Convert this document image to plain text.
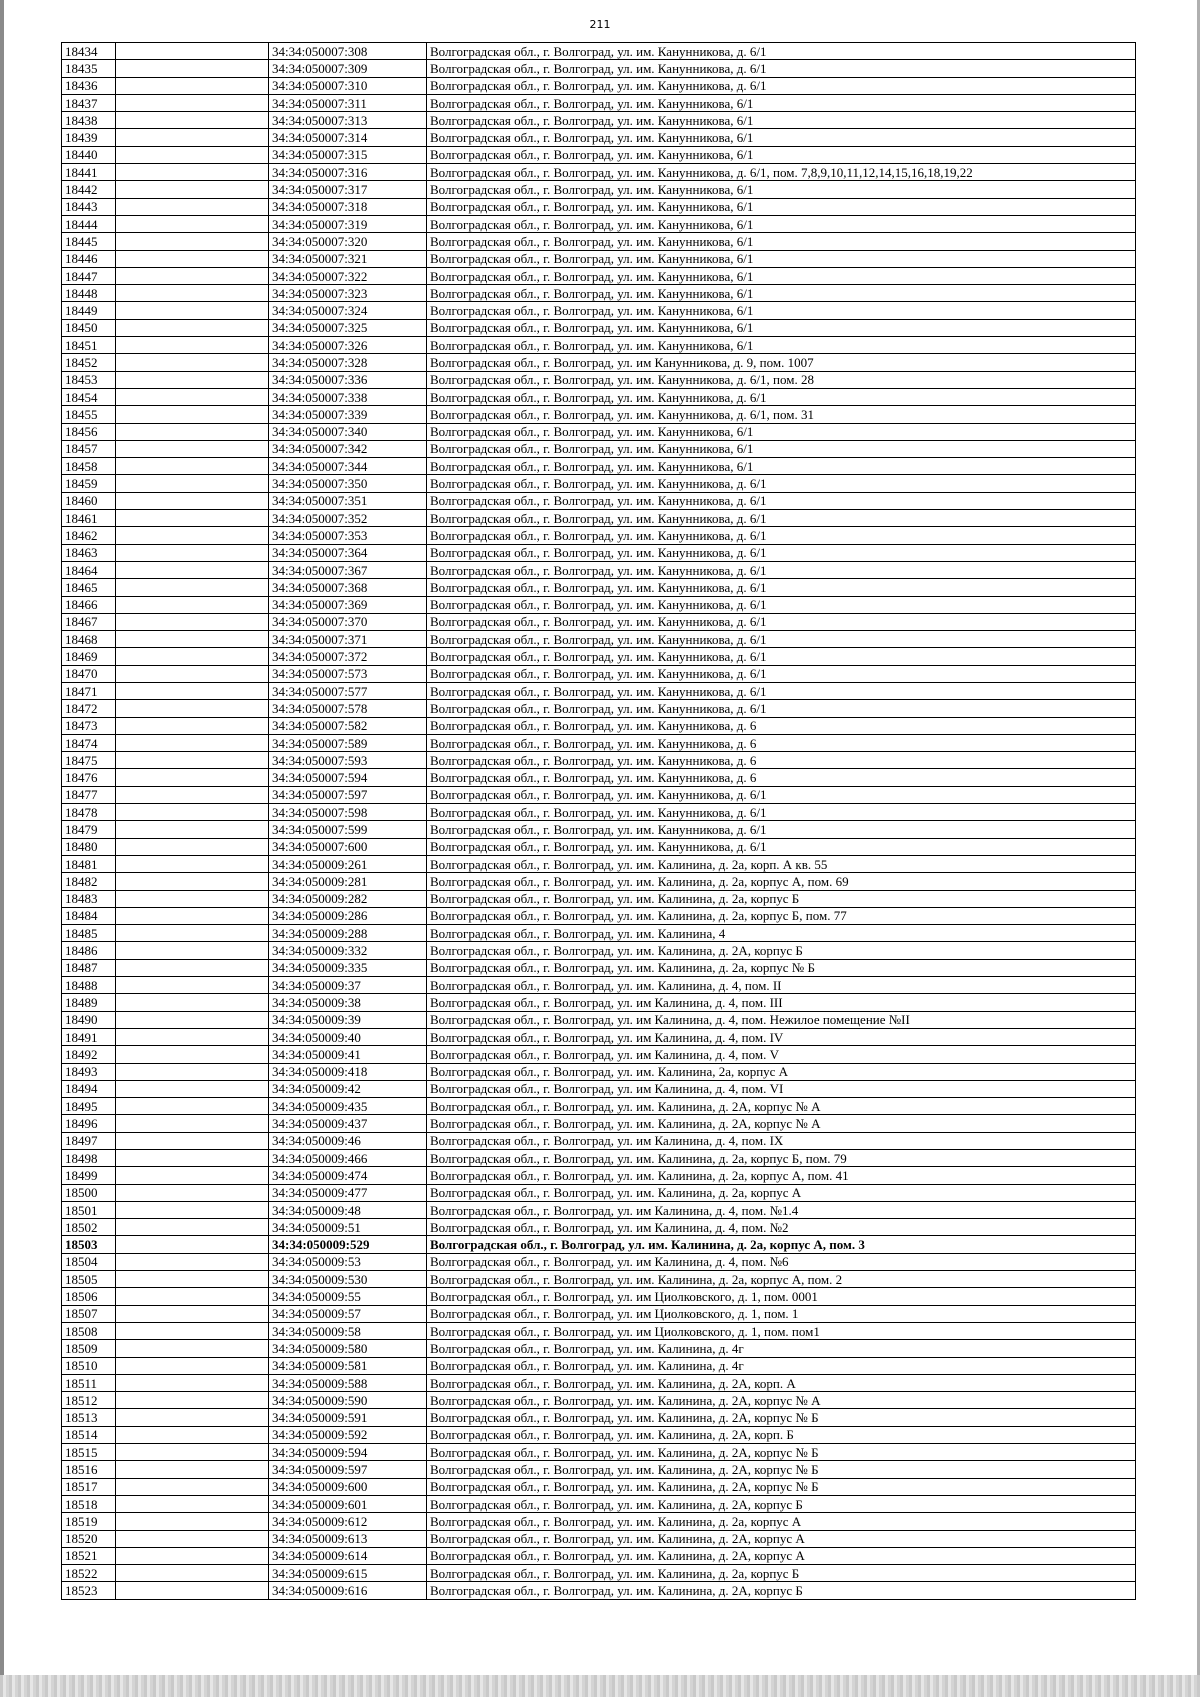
211
18434		34:34:050007:308	Волгоградская обл., г. Волгоград, ул. им. Канунникова, д. 6/1
18435		34:34:050007:309	Волгоградская обл., г. Волгоград, ул. им. Канунникова, д. 6/1
18436		34:34:050007:310	Волгоградская обл., г. Волгоград, ул. им. Канунникова, д. 6/1
18437		34:34:050007:311	Волгоградская обл., г. Волгоград, ул. им. Канунникова, 6/1
18438		34:34:050007:313	Волгоградская обл., г. Волгоград, ул. им. Канунникова, 6/1
18439		34:34:050007:314	Волгоградская обл., г. Волгоград, ул. им. Канунникова, 6/1
18440		34:34:050007:315	Волгоградская обл., г. Волгоград, ул. им. Канунникова, 6/1
18441		34:34:050007:316	Волгоградская обл., г. Волгоград, ул. им. Канунникова, д. 6/1, пом. 7,8,9,10,11,12,14,15,16,18,19,22
18442		34:34:050007:317	Волгоградская обл., г. Волгоград, ул. им. Канунникова, 6/1
18443		34:34:050007:318	Волгоградская обл., г. Волгоград, ул. им. Канунникова, 6/1
18444		34:34:050007:319	Волгоградская обл., г. Волгоград, ул. им. Канунникова, 6/1
18445		34:34:050007:320	Волгоградская обл., г. Волгоград, ул. им. Канунникова, 6/1
18446		34:34:050007:321	Волгоградская обл., г. Волгоград, ул. им. Канунникова, 6/1
18447		34:34:050007:322	Волгоградская обл., г. Волгоград, ул. им. Канунникова, 6/1
18448		34:34:050007:323	Волгоградская обл., г. Волгоград, ул. им. Канунникова, 6/1
18449		34:34:050007:324	Волгоградская обл., г. Волгоград, ул. им. Канунникова, 6/1
18450		34:34:050007:325	Волгоградская обл., г. Волгоград, ул. им. Канунникова, 6/1
18451		34:34:050007:326	Волгоградская обл., г. Волгоград, ул. им. Канунникова, 6/1
18452		34:34:050007:328	Волгоградская обл., г. Волгоград, ул. им Канунникова, д. 9, пом. 1007
18453		34:34:050007:336	Волгоградская обл., г. Волгоград, ул. им. Канунникова, д. 6/1, пом. 28
18454		34:34:050007:338	Волгоградская обл., г. Волгоград, ул. им. Канунникова, д. 6/1
18455		34:34:050007:339	Волгоградская обл., г. Волгоград, ул. им. Канунникова, д. 6/1, пом. 31
18456		34:34:050007:340	Волгоградская обл., г. Волгоград, ул. им. Канунникова, 6/1
18457		34:34:050007:342	Волгоградская обл., г. Волгоград, ул. им. Канунникова, 6/1
18458		34:34:050007:344	Волгоградская обл., г. Волгоград, ул. им. Канунникова, 6/1
18459		34:34:050007:350	Волгоградская обл., г. Волгоград, ул. им. Канунникова, д. 6/1
18460		34:34:050007:351	Волгоградская обл., г. Волгоград, ул. им. Канунникова, д. 6/1
18461		34:34:050007:352	Волгоградская обл., г. Волгоград, ул. им. Канунникова, д. 6/1
18462		34:34:050007:353	Волгоградская обл., г. Волгоград, ул. им. Канунникова, д. 6/1
18463		34:34:050007:364	Волгоградская обл., г. Волгоград, ул. им. Канунникова, д. 6/1
18464		34:34:050007:367	Волгоградская обл., г. Волгоград, ул. им. Канунникова, д. 6/1
18465		34:34:050007:368	Волгоградская обл., г. Волгоград, ул. им. Канунникова, д. 6/1
18466		34:34:050007:369	Волгоградская обл., г. Волгоград, ул. им. Канунникова, д. 6/1
18467		34:34:050007:370	Волгоградская обл., г. Волгоград, ул. им. Канунникова, д. 6/1
18468		34:34:050007:371	Волгоградская обл., г. Волгоград, ул. им. Канунникова, д. 6/1
18469		34:34:050007:372	Волгоградская обл., г. Волгоград, ул. им. Канунникова, д. 6/1
18470		34:34:050007:573	Волгоградская обл., г. Волгоград, ул. им. Канунникова, д. 6/1
18471		34:34:050007:577	Волгоградская обл., г. Волгоград, ул. им. Канунникова, д. 6/1
18472		34:34:050007:578	Волгоградская обл., г. Волгоград, ул. им. Канунникова, д. 6/1
18473		34:34:050007:582	Волгоградская обл., г. Волгоград, ул. им. Канунникова, д. 6
18474		34:34:050007:589	Волгоградская обл., г. Волгоград, ул. им. Канунникова, д. 6
18475		34:34:050007:593	Волгоградская обл., г. Волгоград, ул. им. Канунникова, д. 6
18476		34:34:050007:594	Волгоградская обл., г. Волгоград, ул. им. Канунникова, д. 6
18477		34:34:050007:597	Волгоградская обл., г. Волгоград, ул. им. Канунникова, д. 6/1
18478		34:34:050007:598	Волгоградская обл., г. Волгоград, ул. им. Канунникова, д. 6/1
18479		34:34:050007:599	Волгоградская обл., г. Волгоград, ул. им. Канунникова, д. 6/1
18480		34:34:050007:600	Волгоградская обл., г. Волгоград, ул. им. Канунникова, д. 6/1
18481		34:34:050009:261	Волгоградская обл., г. Волгоград, ул. им. Калинина, д. 2а, корп. А кв. 55
18482		34:34:050009:281	Волгоградская обл., г. Волгоград, ул. им. Калинина, д. 2а, корпус А, пом. 69
18483		34:34:050009:282	Волгоградская обл., г. Волгоград, ул. им. Калинина, д. 2а, корпус Б
18484		34:34:050009:286	Волгоградская обл., г. Волгоград, ул. им. Калинина, д. 2а, корпус Б, пом. 77
18485		34:34:050009:288	Волгоградская обл., г. Волгоград, ул. им. Калинина, 4
18486		34:34:050009:332	Волгоградская обл., г. Волгоград, ул. им. Калинина, д. 2А, корпус Б
18487		34:34:050009:335	Волгоградская обл., г. Волгоград, ул. им. Калинина, д. 2а, корпус № Б
18488		34:34:050009:37	Волгоградская обл., г. Волгоград, ул. им. Калинина, д. 4, пом. II
18489		34:34:050009:38	Волгоградская обл., г. Волгоград, ул. им Калинина, д. 4, пом. III
18490		34:34:050009:39	Волгоградская обл., г. Волгоград, ул. им Калинина, д. 4, пом. Нежилое помещение №II
18491		34:34:050009:40	Волгоградская обл., г. Волгоград, ул. им Калинина, д. 4, пом. IV
18492		34:34:050009:41	Волгоградская обл., г. Волгоград, ул. им Калинина, д. 4, пом. V
18493		34:34:050009:418	Волгоградская обл., г. Волгоград, ул. им. Калинина, 2а, корпус А
18494		34:34:050009:42	Волгоградская обл., г. Волгоград, ул. им Калинина, д. 4, пом. VI
18495		34:34:050009:435	Волгоградская обл., г. Волгоград, ул. им. Калинина, д. 2А, корпус № А
18496		34:34:050009:437	Волгоградская обл., г. Волгоград, ул. им. Калинина, д. 2А, корпус № А
18497		34:34:050009:46	Волгоградская обл., г. Волгоград, ул. им Калинина, д. 4, пом. IX
18498		34:34:050009:466	Волгоградская обл., г. Волгоград, ул. им. Калинина, д. 2а, корпус Б, пом. 79
18499		34:34:050009:474	Волгоградская обл., г. Волгоград, ул. им. Калинина, д. 2а, корпус А, пом. 41
18500		34:34:050009:477	Волгоградская обл., г. Волгоград, ул. им. Калинина, д. 2а, корпус А
18501		34:34:050009:48	Волгоградская обл., г. Волгоград, ул. им Калинина, д. 4, пом. №1.4
18502		34:34:050009:51	Волгоградская обл., г. Волгоград, ул. им Калинина, д. 4, пом. №2
18503		34:34:050009:529	Волгоградская обл., г. Волгоград, ул. им. Калинина, д. 2а, корпус А, пом. 3
18504		34:34:050009:53	Волгоградская обл., г. Волгоград, ул. им Калинина, д. 4, пом. №6
18505		34:34:050009:530	Волгоградская обл., г. Волгоград, ул. им. Калинина, д. 2а, корпус А, пом. 2
18506		34:34:050009:55	Волгоградская обл., г. Волгоград, ул. им Циолковского, д. 1, пом. 0001
18507		34:34:050009:57	Волгоградская обл., г. Волгоград, ул. им Циолковского, д. 1, пом. 1
18508		34:34:050009:58	Волгоградская обл., г. Волгоград, ул. им Циолковского, д. 1, пом. пом1
18509		34:34:050009:580	Волгоградская обл., г. Волгоград, ул. им. Калинина, д. 4г
18510		34:34:050009:581	Волгоградская обл., г. Волгоград, ул. им. Калинина, д. 4г
18511		34:34:050009:588	Волгоградская обл., г. Волгоград, ул. им. Калинина, д. 2А, корп. А
18512		34:34:050009:590	Волгоградская обл., г. Волгоград, ул. им. Калинина, д. 2А, корпус № А
18513		34:34:050009:591	Волгоградская обл., г. Волгоград, ул. им. Калинина, д. 2А, корпус № Б
18514		34:34:050009:592	Волгоградская обл., г. Волгоград, ул. им. Калинина, д. 2А, корп. Б
18515		34:34:050009:594	Волгоградская обл., г. Волгоград, ул. им. Калинина, д. 2А, корпус № Б
18516		34:34:050009:597	Волгоградская обл., г. Волгоград, ул. им. Калинина, д. 2А, корпус № Б
18517		34:34:050009:600	Волгоградская обл., г. Волгоград, ул. им. Калинина, д. 2А, корпус № Б
18518		34:34:050009:601	Волгоградская обл., г. Волгоград, ул. им. Калинина, д. 2А, корпус Б
18519		34:34:050009:612	Волгоградская обл., г. Волгоград, ул. им. Калинина, д. 2а, корпус А
18520		34:34:050009:613	Волгоградская обл., г. Волгоград, ул. им. Калинина, д. 2А, корпус А
18521		34:34:050009:614	Волгоградская обл., г. Волгоград, ул. им. Калинина, д. 2А, корпус А
18522		34:34:050009:615	Волгоградская обл., г. Волгоград, ул. им. Калинина, д. 2а, корпус Б
18523		34:34:050009:616	Волгоградская обл., г. Волгоград, ул. им. Калинина, д. 2А, корпус Б
